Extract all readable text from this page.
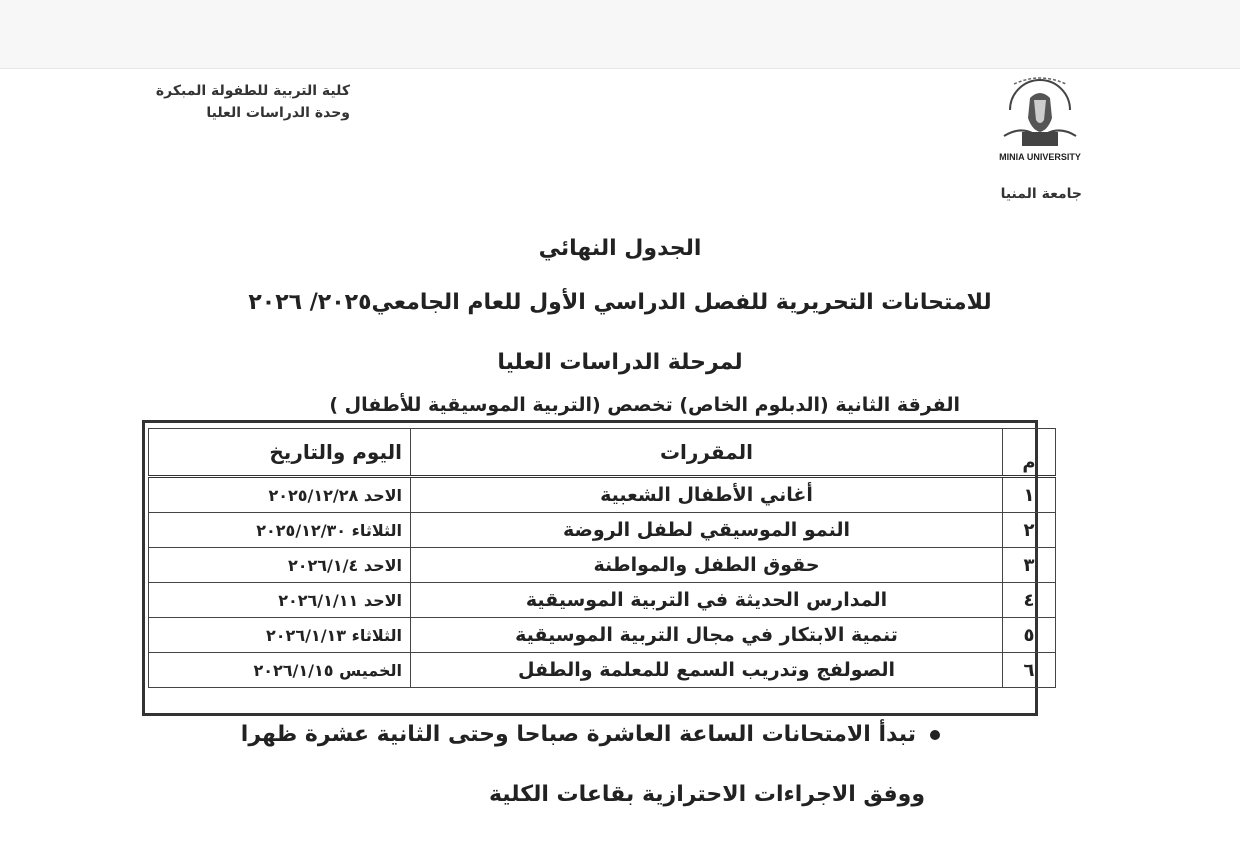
كلية التربية للطفولة المبكرة
وحدة الدراسات العليا
MINIA UNIVERSITY
جامعة المنيا
الجدول النهائي
للامتحانات التحريرية للفصل الدراسي الأول للعام الجامعي٢٠٢٥/ ٢٠٢٦
لمرحلة الدراسات العليا
الفرقة الثانية (الدبلوم الخاص) تخصص (التربية الموسيقية للأطفال )
م	المقررات	اليوم والتاريخ
١	أغاني الأطفال الشعبية	الاحد ٢٠٢٥/١٢/٢٨
٢	النمو الموسيقي لطفل الروضة	الثلاثاء ٢٠٢٥/١٢/٣٠
٣	حقوق الطفل والمواطنة	الاحد ٢٠٢٦/١/٤
٤	المدارس الحديثة في التربية الموسيقية	الاحد ٢٠٢٦/١/١١
٥	تنمية الابتكار في مجال التربية الموسيقية	الثلاثاء ٢٠٢٦/١/١٣
٦	الصولفج وتدريب السمع للمعلمة والطفل	الخميس ٢٠٢٦/١/١٥
تبدأ الامتحانات الساعة العاشرة صباحا وحتى الثانية عشرة ظهرا
ووفق الاجراءات الاحترازية بقاعات الكلية
